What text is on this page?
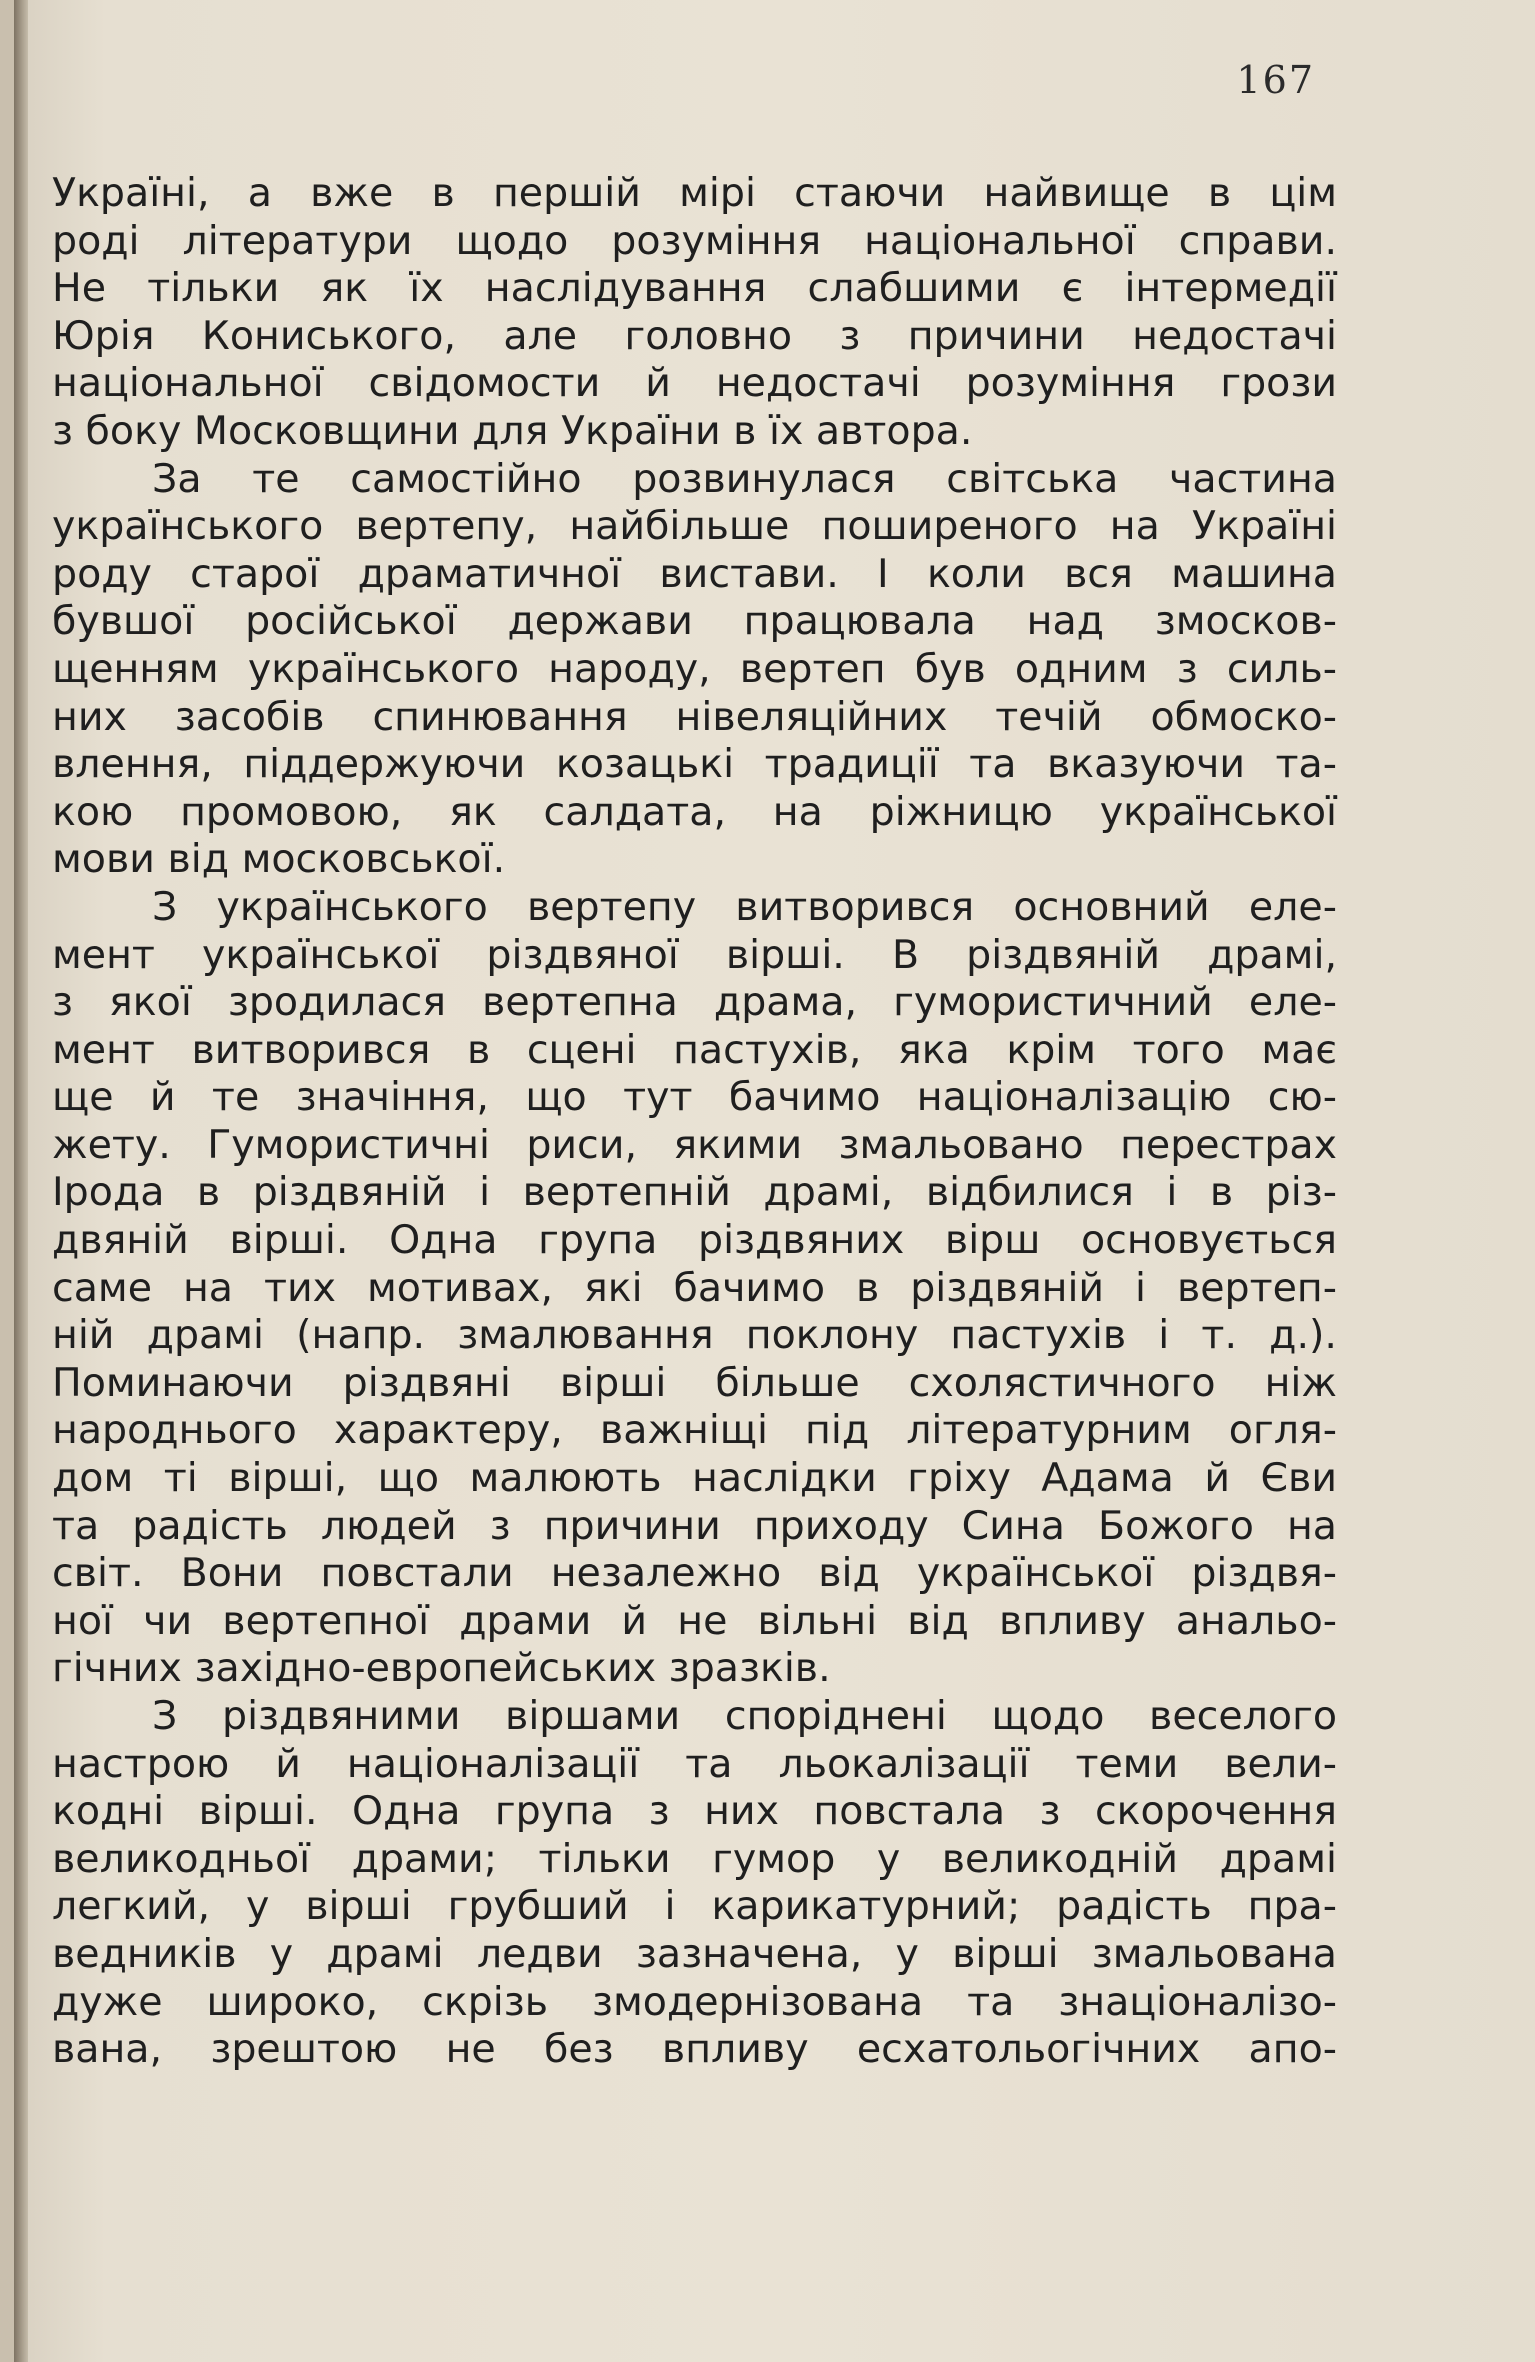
167

Україні, а вже в першій мірі стаючи найвище в цім

роді літератури щодо розуміння національної справи.

Не тільки як їх наслідування слабшими є інтермедії

Юрія Кониського, але головно з причини недостачі

національної свідомости й недостачі розуміння грози

з боку Московщини для України в їх автора.

За те самостійно розвинулася світська частина

українського вертепу, найбільше поширеного на Україні

роду старої драматичної вистави. І коли вся машина

бувшої російської держави працювала над змосков-

щенням українського народу, вертеп був одним з силь-

них засобів спинювання нівеляційних течій обмоско-

влення, піддержуючи козацькі традиції та вказуючи та-

кою промовою, як салдата, на ріжницю української

мови від московської.

З українського вертепу витворився основний еле-

мент української різдвяної вірші. В різдвяній драмі,

з якої зродилася вертепна драма, гумористичний еле-

мент витворився в сцені пастухів, яка крім того має

ще й те значіння, що тут бачимо націоналізацію сю-

жету. Гумористичні риси, якими змальовано перестрах

Ірода в різдвяній і вертепній драмі, відбилися і в різ-

двяній вірші. Одна група різдвяних вірш основується

саме на тих мотивах, які бачимо в різдвяній і вертеп-

ній драмі (напр. змалювання поклону пастухів і т. д.).

Поминаючи різдвяні вірші більше схолястичного ніж

народнього характеру, важніщі під літературним огля-

дом ті вірші, що малюють наслідки гріху Адама й Єви

та радість людей з причини приходу Сина Божого на

світ. Вони повстали незалежно від української різдвя-

ної чи вертепної драми й не вільні від впливу анальо-

гічних західно-европейських зразків.

З різдвяними віршами споріднені щодо веселого

настрою й націоналізації та льокалізації теми вели-

кодні вірші. Одна група з них повстала з скорочення

великодньої драми; тільки гумор у великодній драмі

легкий, у вірші грубший і карикатурний; радість пра-

ведників у драмі ледви зазначена, у вірші змальована

дуже широко, скрізь змодернізована та знаціоналізо-

вана, зрештою не без впливу есхатольогічних апо-
